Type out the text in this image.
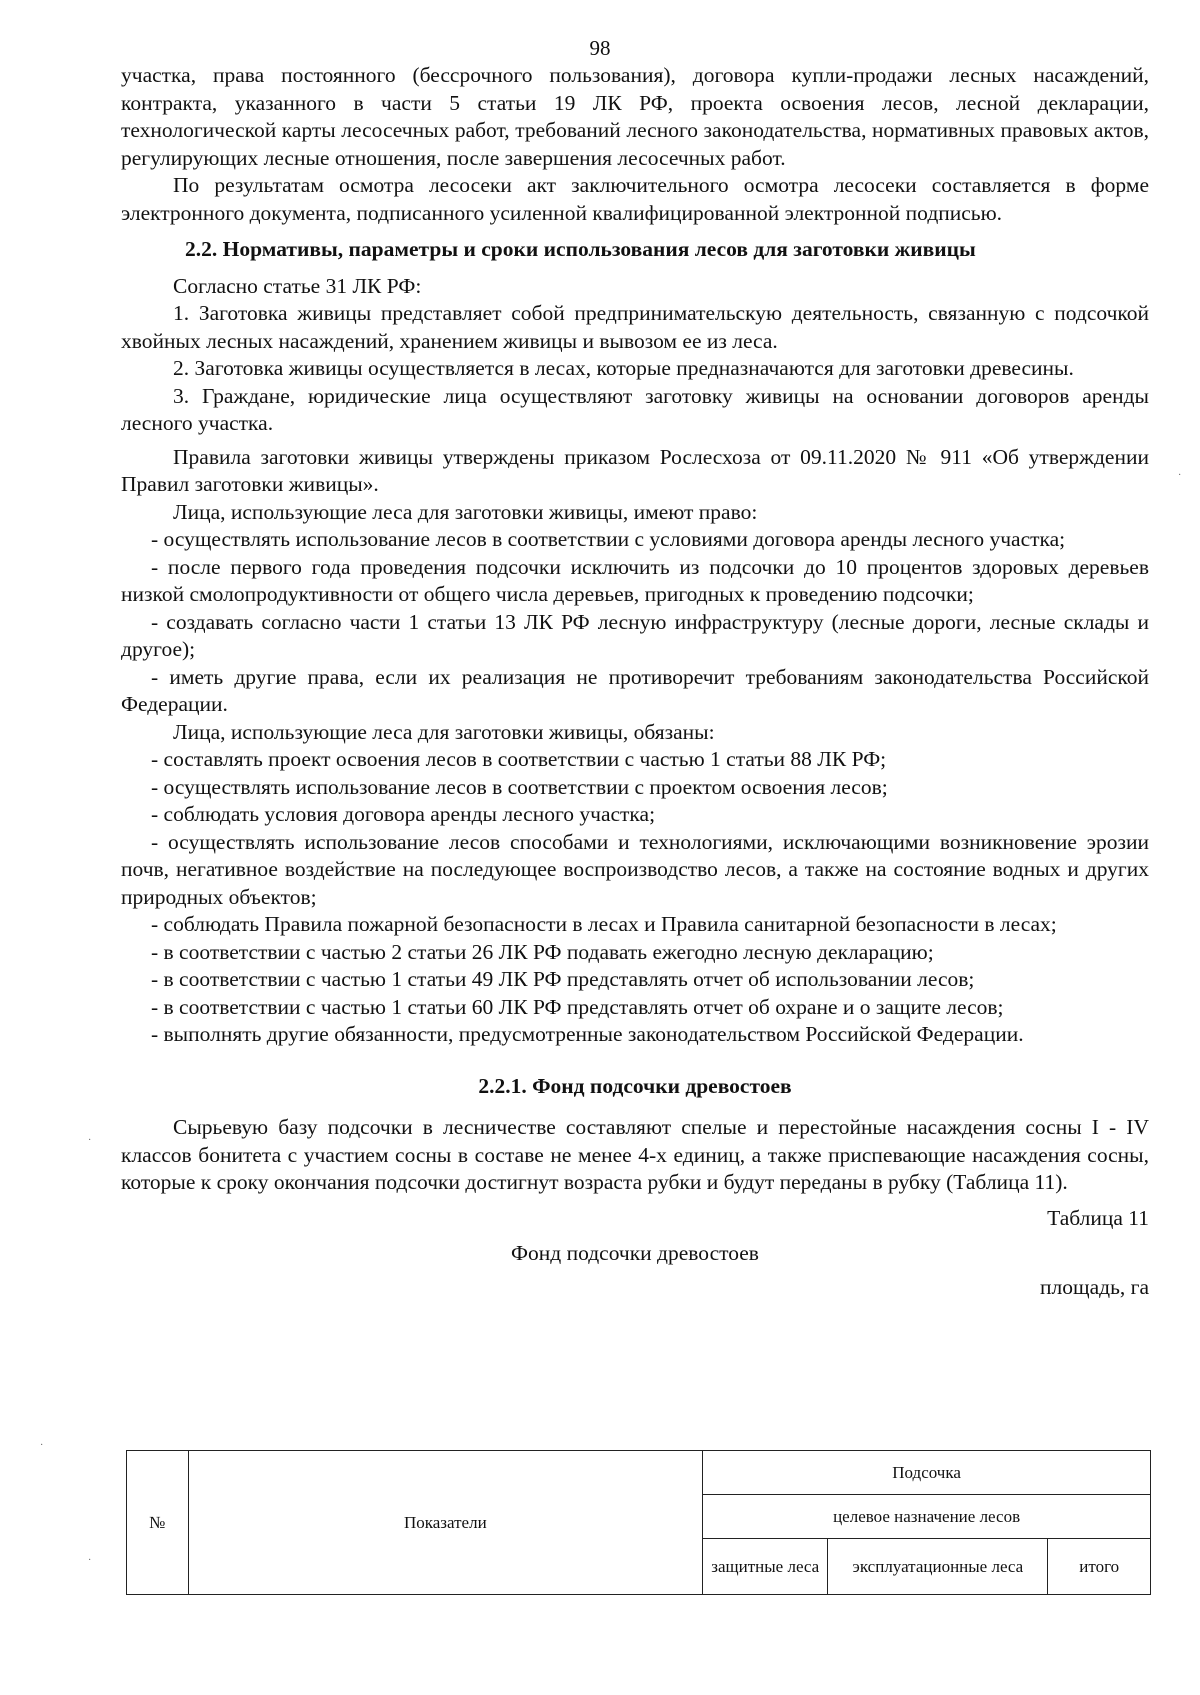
98

участка, права постоянного (бессрочного пользования), договора купли-продажи лесных насаждений, контракта, указанного в части 5 статьи 19 ЛК РФ, проекта освоения лесов, лесной декларации, технологической карты лесосечных работ, требований лесного законодательства, нормативных правовых актов, регулирующих лесные отношения, после завершения лесосечных работ.

По результатам осмотра лесосеки акт заключительного осмотра лесосеки составляется в форме электронного документа, подписанного усиленной квалифицированной электронной подписью.

2.2. Нормативы, параметры и сроки использования лесов для заготовки живицы

Согласно статье 31 ЛК РФ:

1. Заготовка живицы представляет собой предпринимательскую деятельность, связанную с подсочкой хвойных лесных насаждений, хранением живицы и вывозом ее из леса.

2. Заготовка живицы осуществляется в лесах, которые предназначаются для заготовки древесины.

3. Граждане, юридические лица осуществляют заготовку живицы на основании договоров аренды лесного участка.

Правила заготовки живицы утверждены приказом Рослесхоза от 09.11.2020 № 911 «Об утверждении Правил заготовки живицы».

Лица, использующие леса для заготовки живицы, имеют право:

- осуществлять использование лесов в соответствии с условиями договора аренды лесного участка;

- после первого года проведения подсочки исключить из подсочки до 10 процентов здоровых деревьев низкой смолопродуктивности от общего числа деревьев, пригодных к проведению подсочки;

- создавать согласно части 1 статьи 13 ЛК РФ лесную инфраструктуру (лесные дороги, лесные склады и другое);

- иметь другие права, если их реализация не противоречит требованиям законодательства Российской Федерации.

Лица, использующие леса для заготовки живицы, обязаны:

- составлять проект освоения лесов в соответствии с частью 1 статьи 88 ЛК РФ;

- осуществлять использование лесов в соответствии с проектом освоения лесов;

- соблюдать условия договора аренды лесного участка;

- осуществлять использование лесов способами и технологиями, исключающими возникновение эрозии почв, негативное воздействие на последующее воспроизводство лесов, а также на состояние водных и других природных объектов;

- соблюдать Правила пожарной безопасности в лесах и Правила санитарной безопасности в лесах;

- в соответствии с частью 2 статьи 26 ЛК РФ подавать ежегодно лесную декларацию;

- в соответствии с частью 1 статьи 49 ЛК РФ представлять отчет об использовании лесов;

- в соответствии с частью 1 статьи 60 ЛК РФ представлять отчет об охране и о защите лесов;

- выполнять другие обязанности, предусмотренные законодательством Российской Федерации.

2.2.1. Фонд подсочки древостоев

Сырьевую базу подсочки в лесничестве составляют спелые и перестойные насаждения сосны I - IV классов бонитета с участием сосны в составе не менее 4-х единиц, а также приспевающие насаждения сосны, которые к сроку окончания подсочки достигнут возраста рубки и будут переданы в рубку (Таблица 11).

Таблица 11

Фонд подсочки древостоев

площадь, га

№	Показатели	Подсочка		
		целевое назначение лесов		
		защитные леса	эксплуатационные леса	итого
·
·
·
·
